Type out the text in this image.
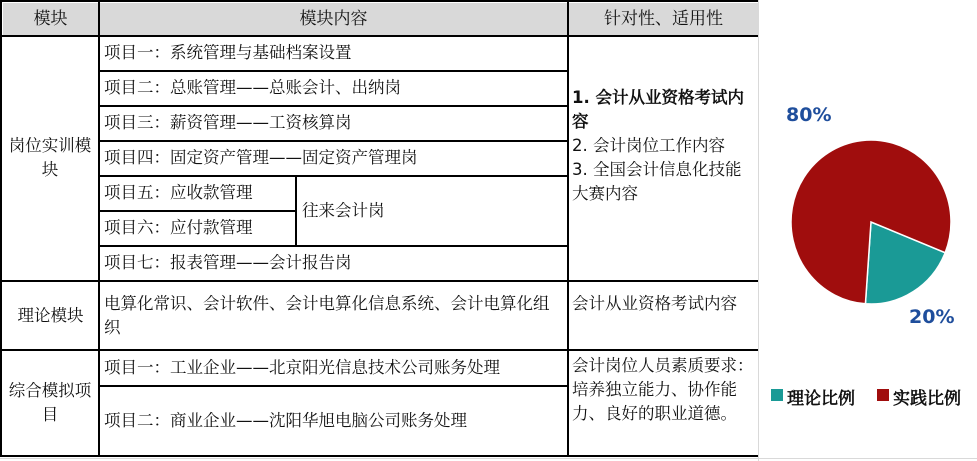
模块	模块内容	针对性、适用性
岗位实训模块
项目一：系统管理与基础档案设置
项目二：总账管理——总账会计、出纳岗
项目三：薪资管理——工资核算岗
项目四：固定资产管理——固定资产管理岗
项目五：应收款管理
项目六：应付款管理
往来会计岗
项目七：报表管理——会计报告岗
1. 会计从业资格考试内容
2. 会计岗位工作内容
3. 全国会计信息化技能大赛内容
理论模块
电算化常识、会计软件、会计电算化信息系统、会计电算化组织
会计从业资格考试内容
综合模拟项目
项目一：工业企业——北京阳光信息技术公司账务处理
项目二：商业企业——沈阳华旭电脑公司账务处理
会计岗位人员素质要求：培养独立能力、协作能力、良好的职业道德。
80%
20%
理论比例 实践比例
